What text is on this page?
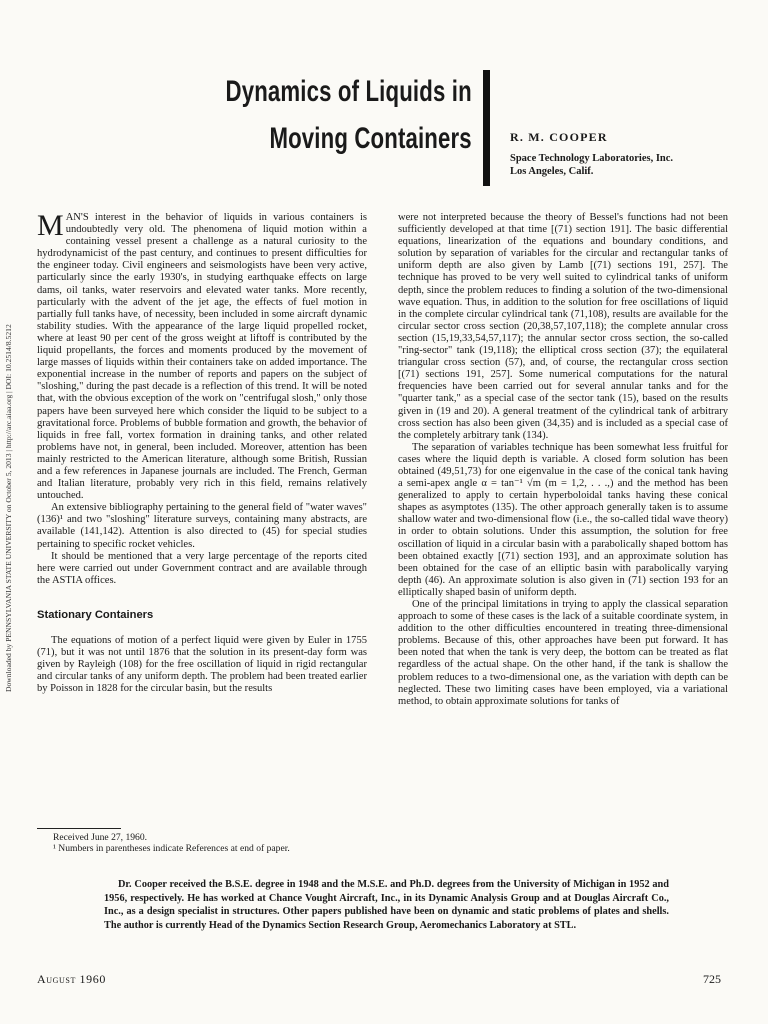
Downloaded by PENNSYLVANIA STATE UNIVERSITY on October 5, 2013 | http://arc.aiaa.org | DOI: 10.2514/8.5212
Dynamics of Liquids in
Moving Containers	R. M. COOPER
Space Technology Laboratories, Inc.
Los Angeles, Calif.

MAN'S interest in the behavior of liquids in various containers is undoubtedly very old. The phenomena of liquid motion within a containing vessel present a challenge as a natural curiosity to the hydrodynamicist of the past century, and continues to present difficulties for the engineer today. Civil engineers and seismologists have been very active, particularly since the early 1930's, in studying earthquake effects on large dams, oil tanks, water reservoirs and elevated water tanks. More recently, particularly with the advent of the jet age, the effects of fuel motion in partially full tanks have, of necessity, been included in some aircraft dynamic stability studies. With the appearance of the large liquid propelled rocket, where at least 90 per cent of the gross weight at liftoff is contributed by the liquid propellants, the forces and moments produced by the movement of large masses of liquids within their containers take on added importance. The exponential increase in the number of reports and papers on the subject of "sloshing," during the past decade is a reflection of this trend. It will be noted that, with the obvious exception of the work on "centrifugal slosh," only those papers have been surveyed here which consider the liquid to be subject to a gravitational force. Problems of bubble formation and growth, the behavior of liquids in free fall, vortex formation in draining tanks, and other related problems have not, in general, been included. Moreover, attention has been mainly restricted to the American literature, although some British, Russian and a few references in Japanese journals are included. The French, German and Italian literature, probably very rich in this field, remains relatively untouched.

An extensive bibliography pertaining to the general field of "water waves" (136)¹ and two "sloshing" literature surveys, containing many abstracts, are available (141,142). Attention is also directed to (45) for special studies pertaining to specific rocket vehicles.

It should be mentioned that a very large percentage of the reports cited here were carried out under Government contract and are available through the ASTIA offices.

Stationary Containers

The equations of motion of a perfect liquid were given by Euler in 1755 (71), but it was not until 1876 that the solution in its present-day form was given by Rayleigh (108) for the free oscillation of liquid in rigid rectangular and circular tanks of any uniform depth. The problem had been treated earlier by Poisson in 1828 for the circular basin, but the results

were not interpreted because the theory of Bessel's functions had not been sufficiently developed at that time [(71) section 191]. The basic differential equations, linearization of the equations and boundary conditions, and solution by separation of variables for the circular and rectangular tanks of uniform depth are also given by Lamb [(71) sections 191, 257]. The technique has proved to be very well suited to cylindrical tanks of uniform depth, since the problem reduces to finding a solution of the two-dimensional wave equation. Thus, in addition to the solution for free oscillations of liquid in the complete circular cylindrical tank (71,108), results are available for the circular sector cross section (20,38,57,107,118); the complete annular cross section (15,19,33,54,57,117); the annular sector cross section, the so-called "ring-sector" tank (19,118); the elliptical cross section (37); the equilateral triangular cross section (57), and, of course, the rectangular cross section [(71) sections 191, 257]. Some numerical computations for the natural frequencies have been carried out for several annular tanks and for the "quarter tank," as a special case of the sector tank (15), based on the results given in (19 and 20). A general treatment of the cylindrical tank of arbitrary cross section has also been given (34,35) and is included as a special case of the completely arbitrary tank (134).

The separation of variables technique has been somewhat less fruitful for cases where the liquid depth is variable. A closed form solution has been obtained (49,51,73) for one eigenvalue in the case of the conical tank having a semi-apex angle α = tan⁻¹ √m (m = 1,2, . . .,) and the method has been generalized to apply to certain hyperboloidal tanks having these conical shapes as asymptotes (135). The other approach generally taken is to assume shallow water and two-dimensional flow (i.e., the so-called tidal wave theory) in order to obtain solutions. Under this assumption, the solution for free oscillation of liquid in a circular basin with a parabolically shaped bottom has been obtained exactly [(71) section 193], and an approximate solution has been obtained for the case of an elliptic basin with parabolically varying depth (46). An approximate solution is also given in (71) section 193 for an elliptically shaped basin of uniform depth.

One of the principal limitations in trying to apply the classical separation approach to some of these cases is the lack of a suitable coordinate system, in addition to the other difficulties encountered in treating three-dimensional problems. Because of this, other approaches have been put forward. It has been noted that when the tank is very deep, the bottom can be treated as flat regardless of the actual shape. On the other hand, if the tank is shallow the problem reduces to a two-dimensional one, as the variation with depth can be neglected. These two limiting cases have been employed, via a variational method, to obtain approximate solutions for tanks of

Received June 27, 1960.
¹ Numbers in parentheses indicate References at end of paper.
Dr. Cooper received the B.S.E. degree in 1948 and the M.S.E. and Ph.D. degrees from the University of Michigan in 1952 and 1956, respectively. He has worked at Chance Vought Aircraft, Inc., in its Dynamic Analysis Group and at Douglas Aircraft Co., Inc., as a design specialist in structures. Other papers published have been on dynamic and static problems of plates and shells. The author is currently Head of the Dynamics Section Research Group, Aeromechanics Laboratory at STL.
August 1960	725
